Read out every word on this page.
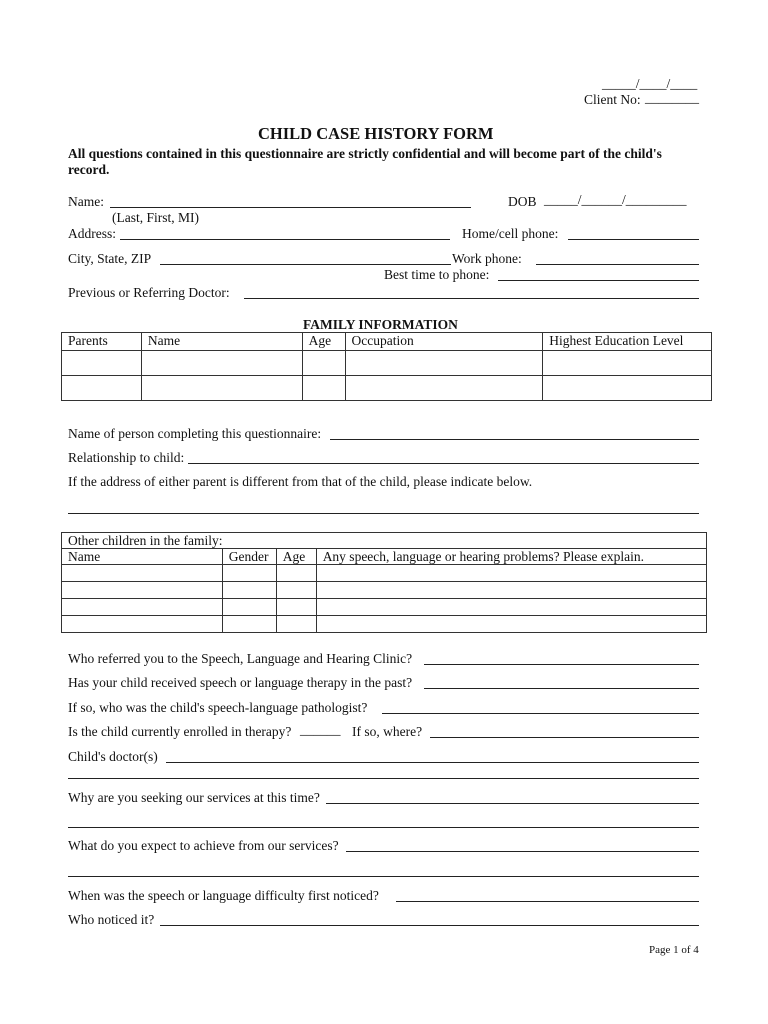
_____/____/____
Client No: ________
CHILD CASE HISTORY FORM
All questions contained in this questionnaire are strictly confidential and will become part of the child's
record.
Name:	DOB _____/______/_________
(Last, First, MI)
Address:	Home/cell phone:
City, State, ZIP	Work phone:
Best time to phone:
Previous or Referring Doctor:
FAMILY INFORMATION
Parents	Name	Age	Occupation	Highest Education Level

Name of person completing this questionnaire:
Relationship to child:
If the address of either parent is different from that of the child, please indicate below.
Other children in the family:			
Name	Gender	Age	Any speech, language or hearing problems? Please explain.

Who referred you to the Speech, Language and Hearing Clinic?
Has your child received speech or language therapy in the past?
If so, who was the child's speech-language pathologist?
Is the child currently enrolled in therapy? ______ If so, where?
Child's doctor(s)
Why are you seeking our services at this time?
What do you expect to achieve from our services?
When was the speech or language difficulty first noticed?
Who noticed it?
Page 1 of 4
